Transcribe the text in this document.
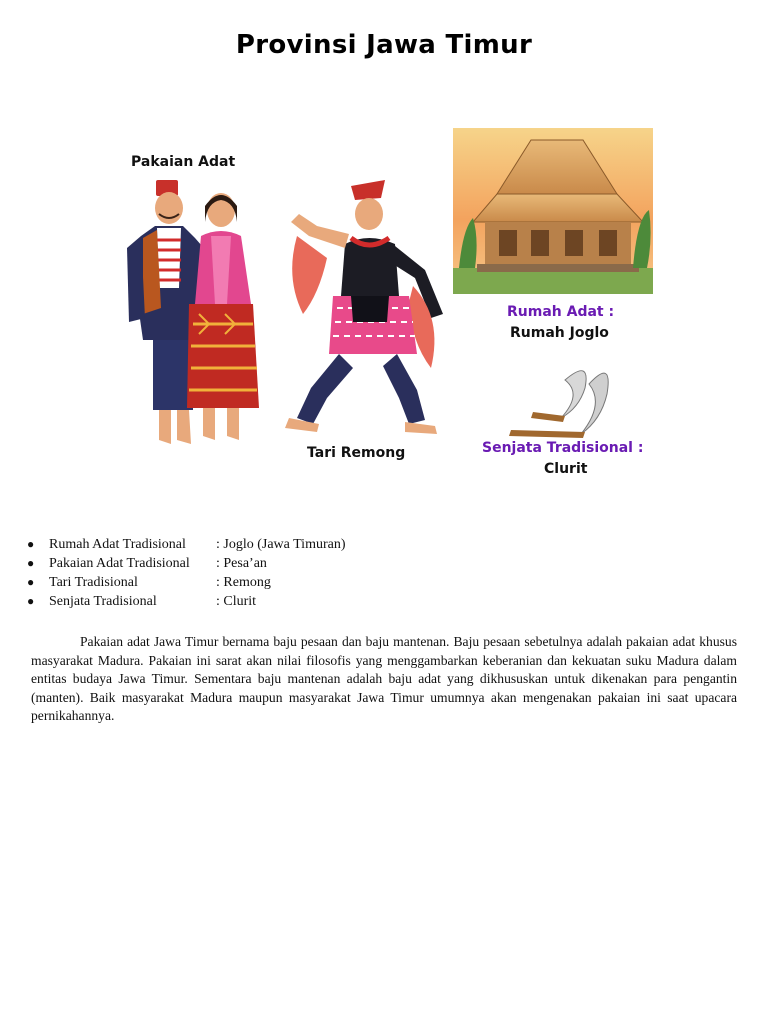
Provinsi Jawa Timur
Pakaian Adat
Tari Remong
Rumah Adat :
Rumah Joglo
Senjata Tradisional :
Clurit
● Rumah Adat Tradisional : Joglo (Jawa Timuran)
● Pakaian Adat Tradisional : Pesa’an
● Tari Tradisional	: Remong
● Senjata Tradisional	: Clurit

Pakaian adat Jawa Timur bernama baju pesaan dan baju mantenan. Baju pesaan sebetulnya adalah pakaian adat khusus masyarakat Madura. Pakaian ini sarat akan nilai filosofis yang menggambarkan keberanian dan kekuatan suku Madura dalam entitas budaya Jawa Timur. Sementara baju mantenan adalah baju adat yang dikhususkan untuk dikenakan para pengantin (manten). Baik masyarakat Madura maupun masyarakat Jawa Timur umumnya akan mengenakan pakaian ini saat upacara pernikahannya.
